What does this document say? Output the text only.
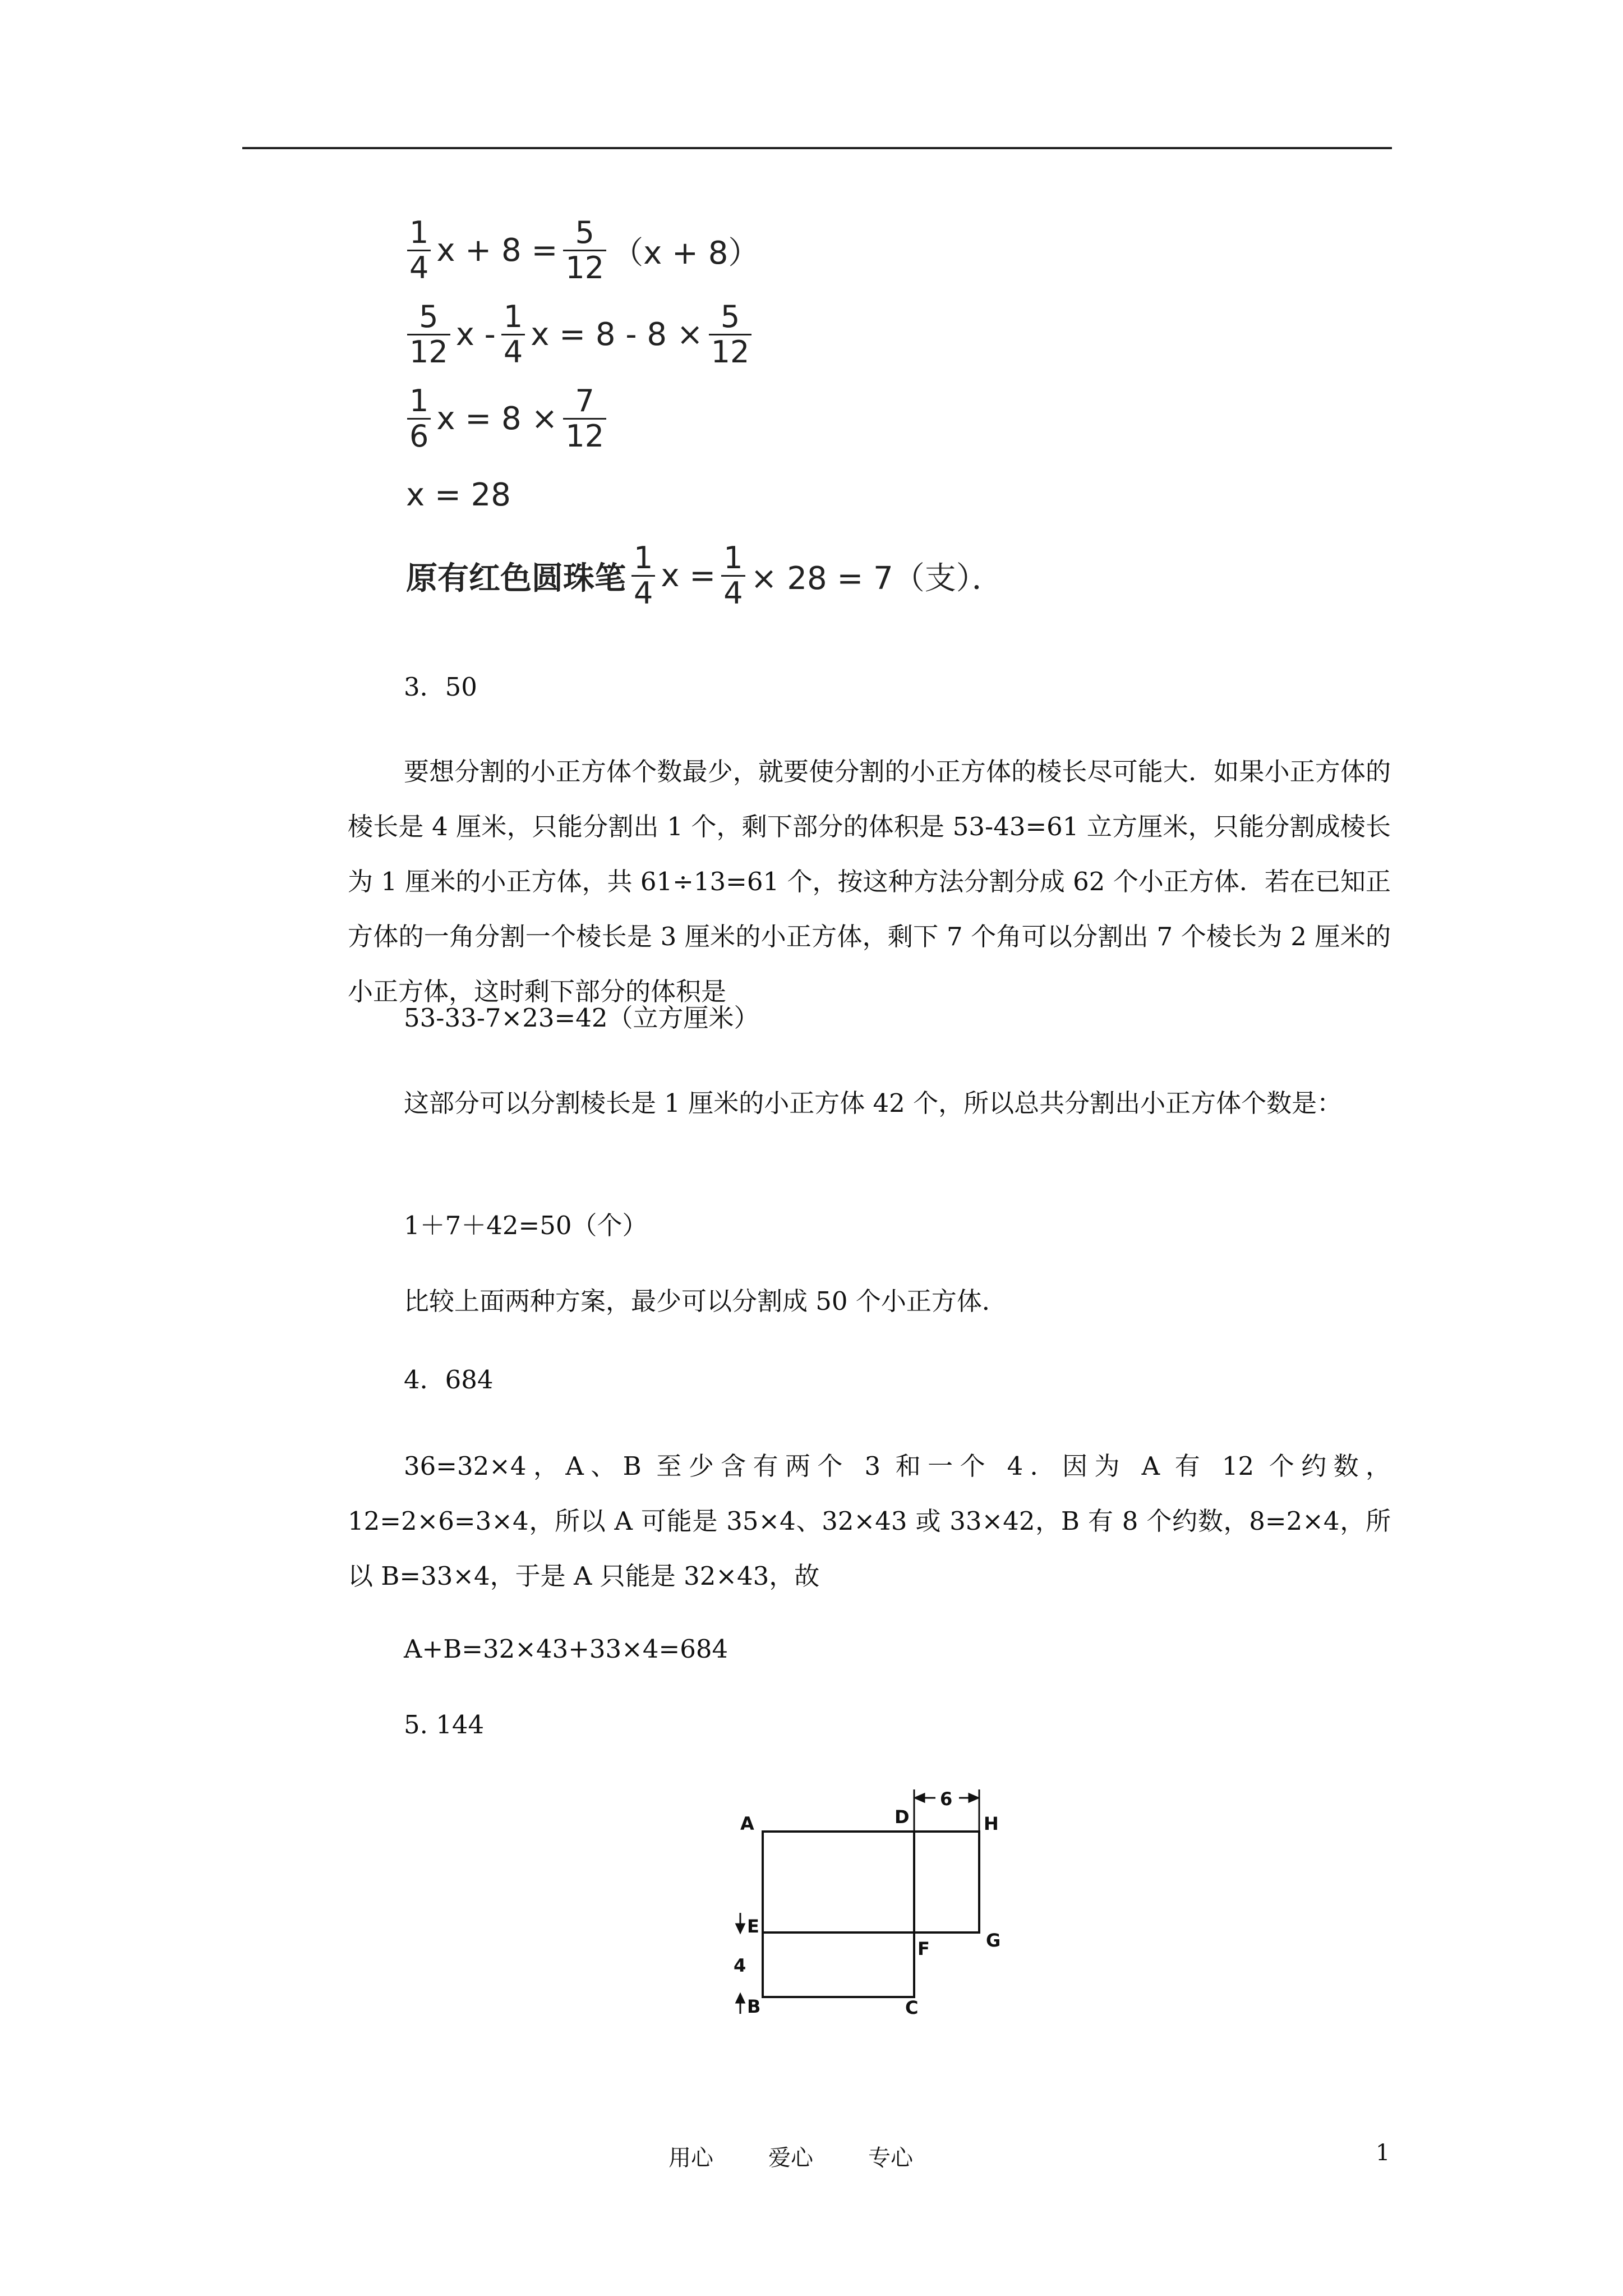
$\frac{1}{4}$ $x + 8 = \frac{5}{12} (x + 8)$
$\frac{5}{12}$ x - $\frac{1}{4}$ $x = 8 - 8 \times \frac{5}{12}$
$\frac{1}{6}$ $x = 8 \times \frac{7}{12}$
x = 28
原有红色圆珠笔 $\frac{1}{4}$ $x = \frac{1}{4} \times 28 = 7$（支）．
3．50
要想分割的小正方体个数最少，就要使分割的小正方体的棱长尽可能大．如果小正方体的棱长是 4 厘米，只能分割出 1 个，剩下部分的体积是 53-43=61 立方厘米，只能分割成棱长为 1 厘米的小正方体，共 61÷13=61 个，按这种方法分割分成 62 个小正方体．若在已知正方体的一角分割一个棱长是 3 厘米的小正方体，剩下 7 个角可以分割出 7 个棱长为 2 厘米的小正方体，这时剩下部分的体积是
53-33-7×23=42（立方厘米）
这部分可以分割棱长是 1 厘米的小正方体 42 个，所以总共分割出小正方体个数是：
1＋7＋42=50（个）
比较上面两种方案，最少可以分割成 50 个小正方体．
4．684
36=32×4，A、B 至少含有两个 3 和一个 4．因为 A 有 12 个约数，12=2×6=3×4，所以 A 可能是 35×4、32×43 或 33×42，B 有 8 个约数，8=2×4，所以 B=33×4，于是 A 只能是 32×43，故
A+B=32×43+33×4=684
5. 144
6
4
A
B	C
D
E
F	G
H
用心 爱心 专心	1
